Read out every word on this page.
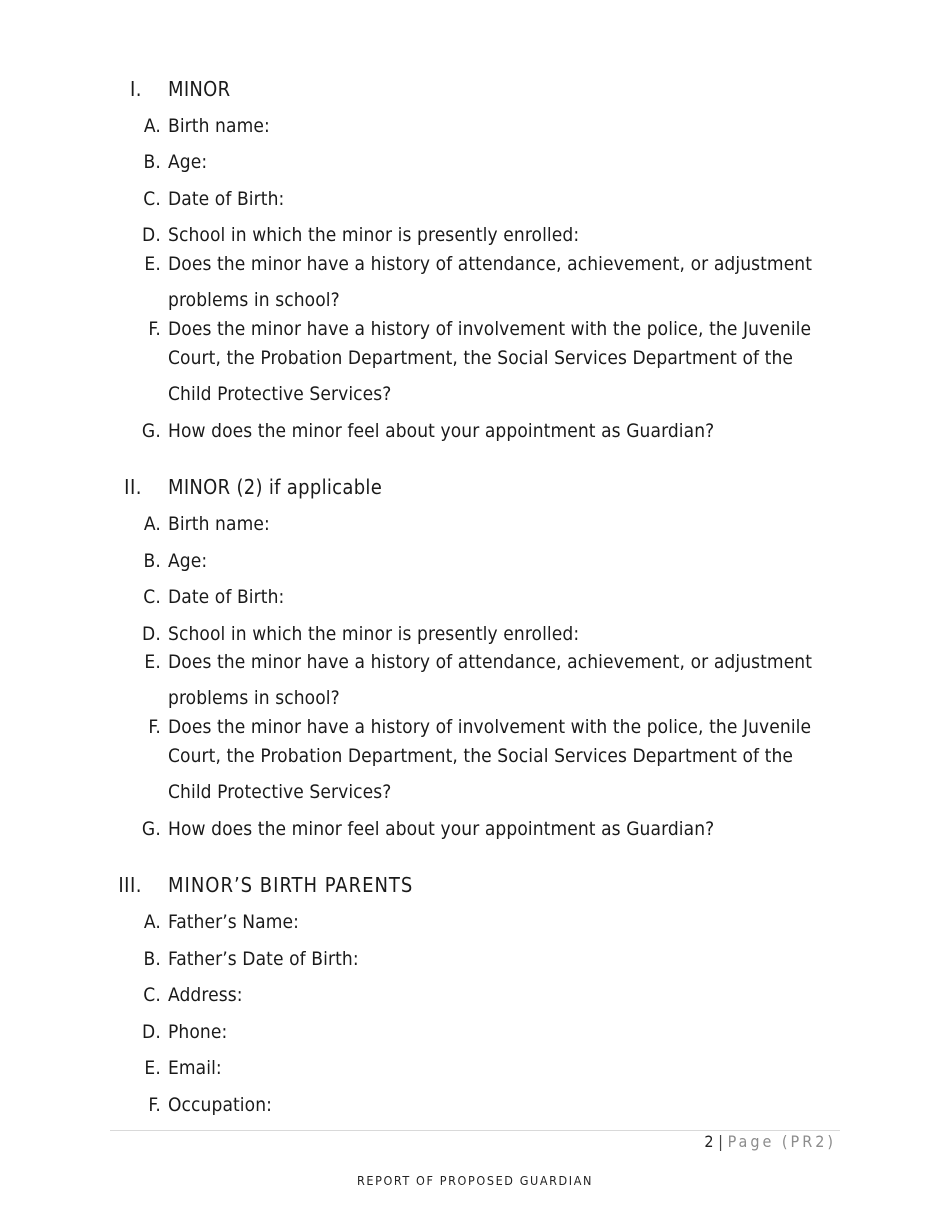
I. MINOR
A. Birth name:
B. Age:
C. Date of Birth:
D. School in which the minor is presently enrolled:
E. Does the minor have a history of attendance, achievement, or adjustment
problems in school?
F. Does the minor have a history of involvement with the police, the Juvenile
Court, the Probation Department, the Social Services Department of the
Child Protective Services?
G. How does the minor feel about your appointment as Guardian?
II. MINOR (2) if applicable
A. Birth name:
B. Age:
C. Date of Birth:
D. School in which the minor is presently enrolled:
E. Does the minor have a history of attendance, achievement, or adjustment
problems in school?
F. Does the minor have a history of involvement with the police, the Juvenile
Court, the Probation Department, the Social Services Department of the
Child Protective Services?
G. How does the minor feel about your appointment as Guardian?
III. MINOR’S BIRTH PARENTS
A. Father’s Name:
B. Father’s Date of Birth:
C. Address:
D. Phone:
E. Email:
F. Occupation:
2 | Page (PR2)
REPORT OF PROPOSED GUARDIAN
